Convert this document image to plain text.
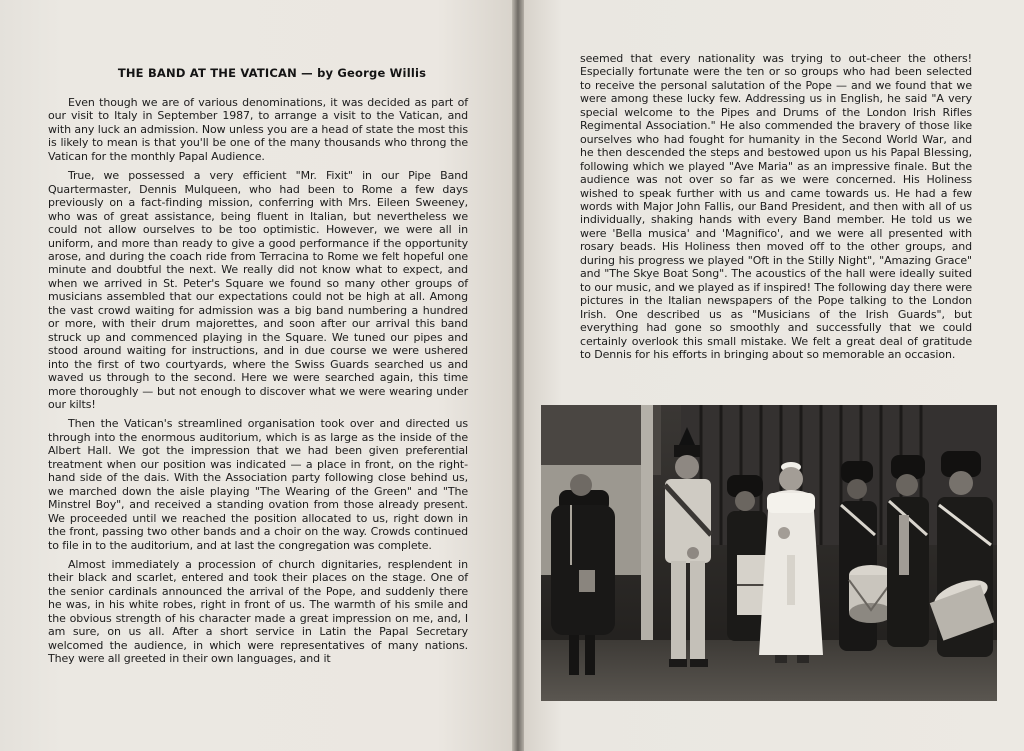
THE BAND AT THE VATICAN — by George Willis

Even though we are of various denominations, it was decided as part of our visit to Italy in September 1987, to arrange a visit to the Vatican, and with any luck an admission. Now unless you are a head of state the most this is likely to mean is that you'll be one of the many thousands who throng the Vatican for the monthly Papal Audience.

True, we possessed a very efficient "Mr. Fixit" in our Pipe Band Quartermaster, Dennis Mulqueen, who had been to Rome a few days previously on a fact-finding mission, conferring with Mrs. Eileen Sweeney, who was of great assistance, being fluent in Italian, but nevertheless we could not allow ourselves to be too optimistic. However, we were all in uniform, and more than ready to give a good performance if the opportunity arose, and during the coach ride from Terracina to Rome we felt hopeful one minute and doubtful the next. We really did not know what to expect, and when we arrived in St. Peter's Square we found so many other groups of musicians assembled that our expectations could not be high at all. Among the vast crowd waiting for admission was a big band numbering a hundred or more, with their drum majorettes, and soon after our arrival this band struck up and commenced playing in the Square. We tuned our pipes and stood around waiting for instructions, and in due course we were ushered into the first of two courtyards, where the Swiss Guards searched us and waved us through to the second. Here we were searched again, this time more thoroughly — but not enough to discover what we were wearing under our kilts!

Then the Vatican's streamlined organisation took over and directed us through into the enormous auditorium, which is as large as the inside of the Albert Hall. We got the impression that we had been given preferential treatment when our position was indicated — a place in front, on the right-hand side of the dais. With the Association party following close behind us, we marched down the aisle playing "The Wearing of the Green" and "The Minstrel Boy", and received a standing ovation from those already present. We proceeded until we reached the position allocated to us, right down in the front, passing two other bands and a choir on the way. Crowds continued to file in to the auditorium, and at last the congregation was complete.

Almost immediately a procession of church dignitaries, resplendent in their black and scarlet, entered and took their places on the stage. One of the senior cardinals announced the arrival of the Pope, and suddenly there he was, in his white robes, right in front of us. The warmth of his smile and the obvious strength of his character made a great impression on me, and, I am sure, on us all. After a short service in Latin the Papal Secretary welcomed the audience, in which were representatives of many nations. They were all greeted in their own languages, and it

seemed that every nationality was trying to out-cheer the others! Especially fortunate were the ten or so groups who had been selected to receive the personal salutation of the Pope — and we found that we were among these lucky few. Addressing us in English, he said "A very special welcome to the Pipes and Drums of the London Irish Rifles Regimental Association." He also commended the bravery of those like ourselves who had fought for humanity in the Second World War, and he then descended the steps and bestowed upon us his Papal Blessing, following which we played "Ave Maria" as an impressive finale. But the audience was not over so far as we were concerned. His Holiness wished to speak further with us and came towards us. He had a few words with Major John Fallis, our Band President, and then with all of us individually, shaking hands with every Band member. He told us we were 'Bella musica' and 'Magnifico', and we were all presented with rosary beads. His Holiness then moved off to the other groups, and during his progress we played "Oft in the Stilly Night", "Amazing Grace" and "The Skye Boat Song". The acoustics of the hall were ideally suited to our music, and we played as if inspired! The following day there were pictures in the Italian newspapers of the Pope talking to the London Irish. One described us as "Musicians of the Irish Guards", but everything had gone so smoothly and successfully that we could certainly overlook this small mistake. We felt a great deal of gratitude to Dennis for his efforts in bringing about so memorable an occasion.
